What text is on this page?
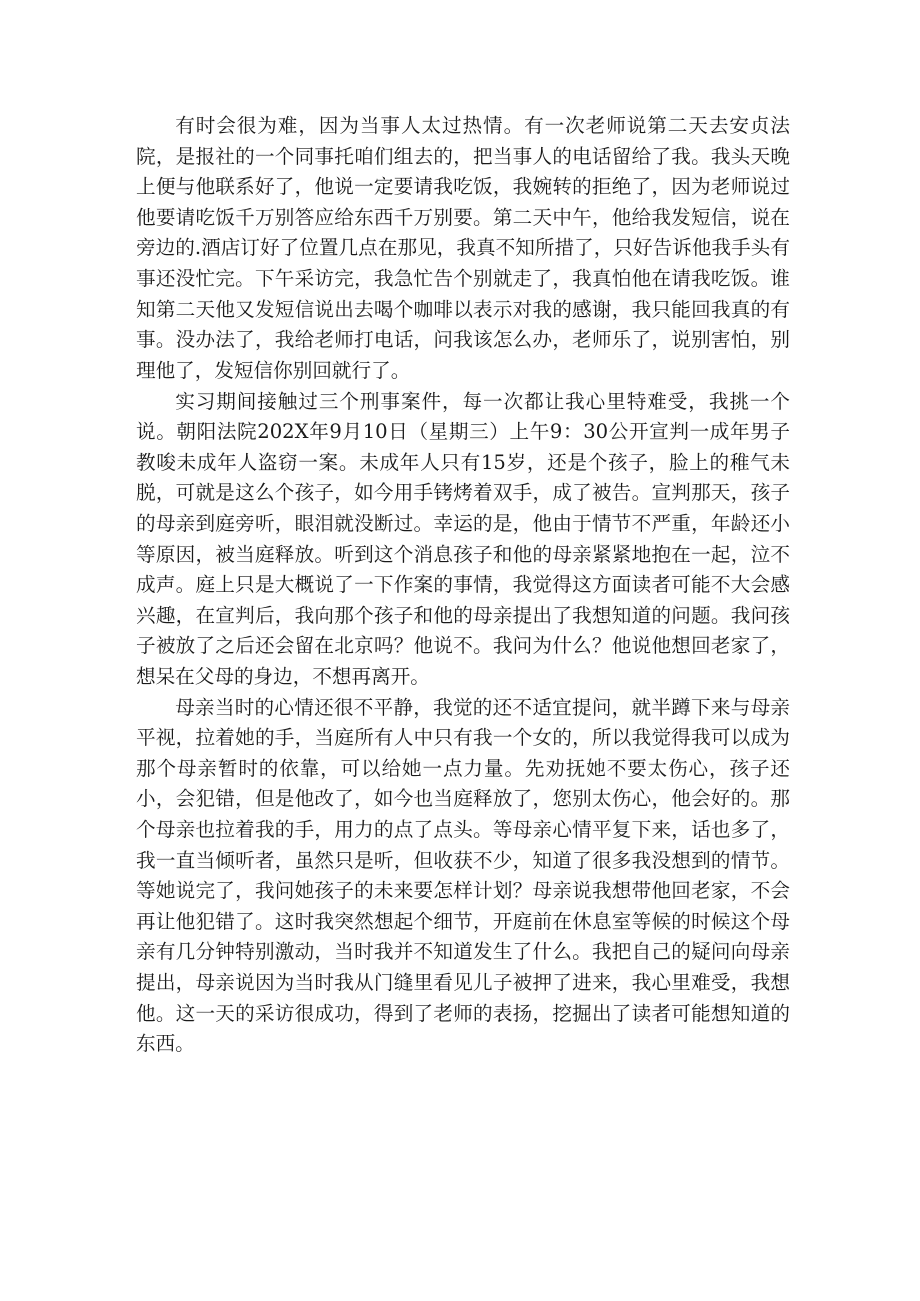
有时会很为难，因为当事人太过热情。有一次老师说第二天去安贞法院，是报社的一个同事托咱们组去的，把当事人的电话留给了我。我头天晚上便与他联系好了，他说一定要请我吃饭，我婉转的拒绝了，因为老师说过他要请吃饭千万别答应给东西千万别要。第二天中午，他给我发短信，说在旁边的.酒店订好了位置几点在那见，我真不知所措了，只好告诉他我手头有事还没忙完。下午采访完，我急忙告个别就走了，我真怕他在请我吃饭。谁知第二天他又发短信说出去喝个咖啡以表示对我的感谢，我只能回我真的有事。没办法了，我给老师打电话，问我该怎么办，老师乐了，说别害怕，别理他了，发短信你别回就行了。

实习期间接触过三个刑事案件，每一次都让我心里特难受，我挑一个说。朝阳法院202X年9月10日（星期三）上午9：30公开宣判一成年男子教唆未成年人盗窃一案。未成年人只有15岁，还是个孩子，脸上的稚气未脱，可就是这么个孩子，如今用手铐烤着双手，成了被告。宣判那天，孩子的母亲到庭旁听，眼泪就没断过。幸运的是，他由于情节不严重，年龄还小等原因，被当庭释放。听到这个消息孩子和他的母亲紧紧地抱在一起，泣不成声。庭上只是大概说了一下作案的事情，我觉得这方面读者可能不大会感兴趣，在宣判后，我向那个孩子和他的母亲提出了我想知道的问题。我问孩子被放了之后还会留在北京吗？他说不。我问为什么？他说他想回老家了，想呆在父母的身边，不想再离开。

母亲当时的心情还很不平静，我觉的还不适宜提问，就半蹲下来与母亲平视，拉着她的手，当庭所有人中只有我一个女的，所以我觉得我可以成为那个母亲暂时的依靠，可以给她一点力量。先劝抚她不要太伤心，孩子还小，会犯错，但是他改了，如今也当庭释放了，您别太伤心，他会好的。那个母亲也拉着我的手，用力的点了点头。等母亲心情平复下来，话也多了，我一直当倾听者，虽然只是听，但收获不少，知道了很多我没想到的情节。等她说完了，我问她孩子的未来要怎样计划？母亲说我想带他回老家，不会再让他犯错了。这时我突然想起个细节，开庭前在休息室等候的时候这个母亲有几分钟特别激动，当时我并不知道发生了什么。我把自己的疑问向母亲提出，母亲说因为当时我从门缝里看见儿子被押了进来，我心里难受，我想他。这一天的采访很成功，得到了老师的表扬，挖掘出了读者可能想知道的东西。
